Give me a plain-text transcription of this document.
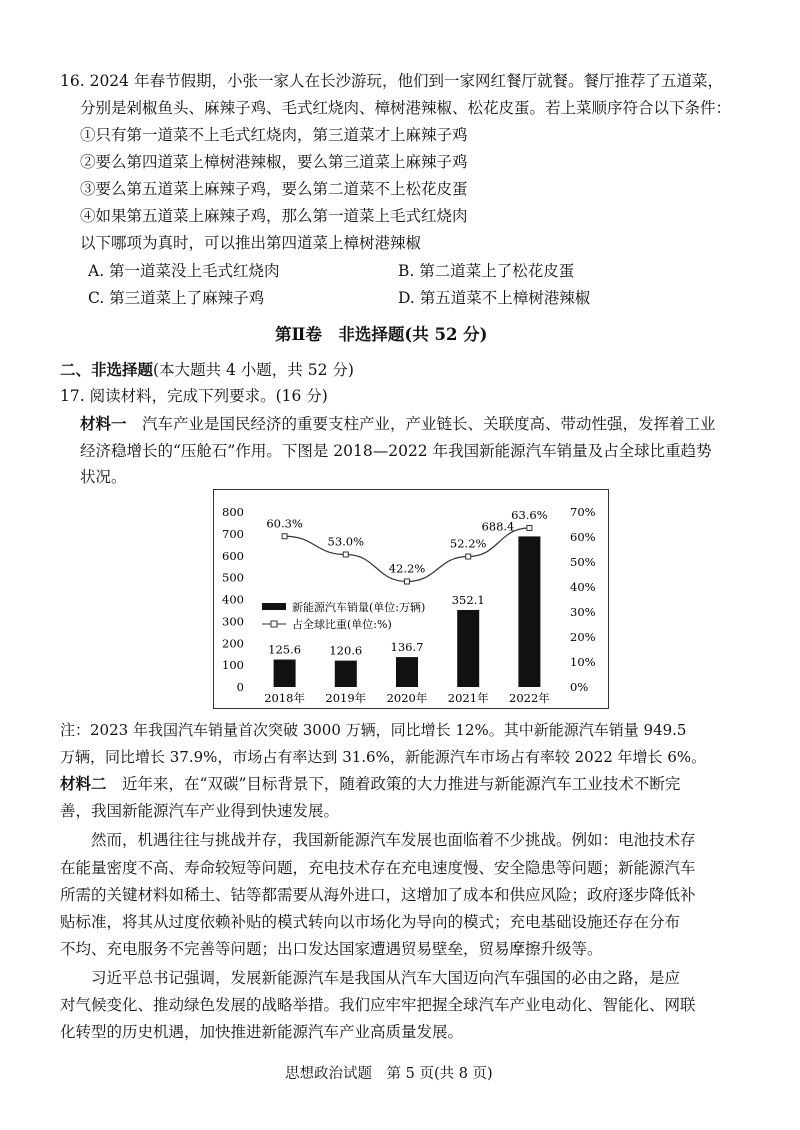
16. 2024 年春节假期，小张一家人在长沙游玩，他们到一家网红餐厅就餐。餐厅推荐了五道菜，
分别是剁椒鱼头、麻辣子鸡、毛式红烧肉、樟树港辣椒、松花皮蛋。若上菜顺序符合以下条件：
①只有第一道菜不上毛式红烧肉，第三道菜才上麻辣子鸡
②要么第四道菜上樟树港辣椒，要么第三道菜上麻辣子鸡
③要么第五道菜上麻辣子鸡，要么第二道菜不上松花皮蛋
④如果第五道菜上麻辣子鸡，那么第一道菜上毛式红烧肉
以下哪项为真时，可以推出第四道菜上樟树港辣椒
A. 第一道菜没上毛式红烧肉	B. 第二道菜上了松花皮蛋
C. 第三道菜上了麻辣子鸡	D. 第五道菜不上樟树港辣椒
第Ⅱ卷　非选择题(共 52 分)
二、非选择题(本大题共 4 小题，共 52 分)
17. 阅读材料，完成下列要求。(16 分)
材料一　汽车产业是国民经济的重要支柱产业，产业链长、关联度高、带动性强，发挥着工业
经济稳增长的“压舱石”作用。下图是 2018—2022 年我国新能源汽车销量及占全球比重趋势
状况。
0
100
200
300
400
500
600
700
800
0%
10%
20%
30%
40%
50%
60%
70%
125.6 120.6 136.7
352.1
688.4
60.3%
53.0%
42.2%
52.2%
63.6%
2018年 2019年 2020年 2021年 2022年
新能源汽车销量(单位:万辆)
占全球比重(单位:%)
注：2023 年我国汽车销量首次突破 3000 万辆，同比增长 12%。其中新能源汽车销量 949.5
万辆，同比增长 37.9%，市场占有率达到 31.6%，新能源汽车市场占有率较 2022 年增长 6%。
材料二　近年来，在“双碳”目标背景下，随着政策的大力推进与新能源汽车工业技术不断完
善，我国新能源汽车产业得到快速发展。
　　然而，机遇往往与挑战并存，我国新能源汽车发展也面临着不少挑战。例如：电池技术存
在能量密度不高、寿命较短等问题，充电技术存在充电速度慢、安全隐患等问题；新能源汽车
所需的关键材料如稀土、钴等都需要从海外进口，这增加了成本和供应风险；政府逐步降低补
贴标准，将其从过度依赖补贴的模式转向以市场化为导向的模式；充电基础设施还存在分布
不均、充电服务不完善等问题；出口发达国家遭遇贸易壁垒，贸易摩擦升级等。
　　习近平总书记强调，发展新能源汽车是我国从汽车大国迈向汽车强国的必由之路，是应
对气候变化、推动绿色发展的战略举措。我们应牢牢把握全球汽车产业电动化、智能化、网联
化转型的历史机遇，加快推进新能源汽车产业高质量发展。
思想政治试题　第 5 页(共 8 页)
